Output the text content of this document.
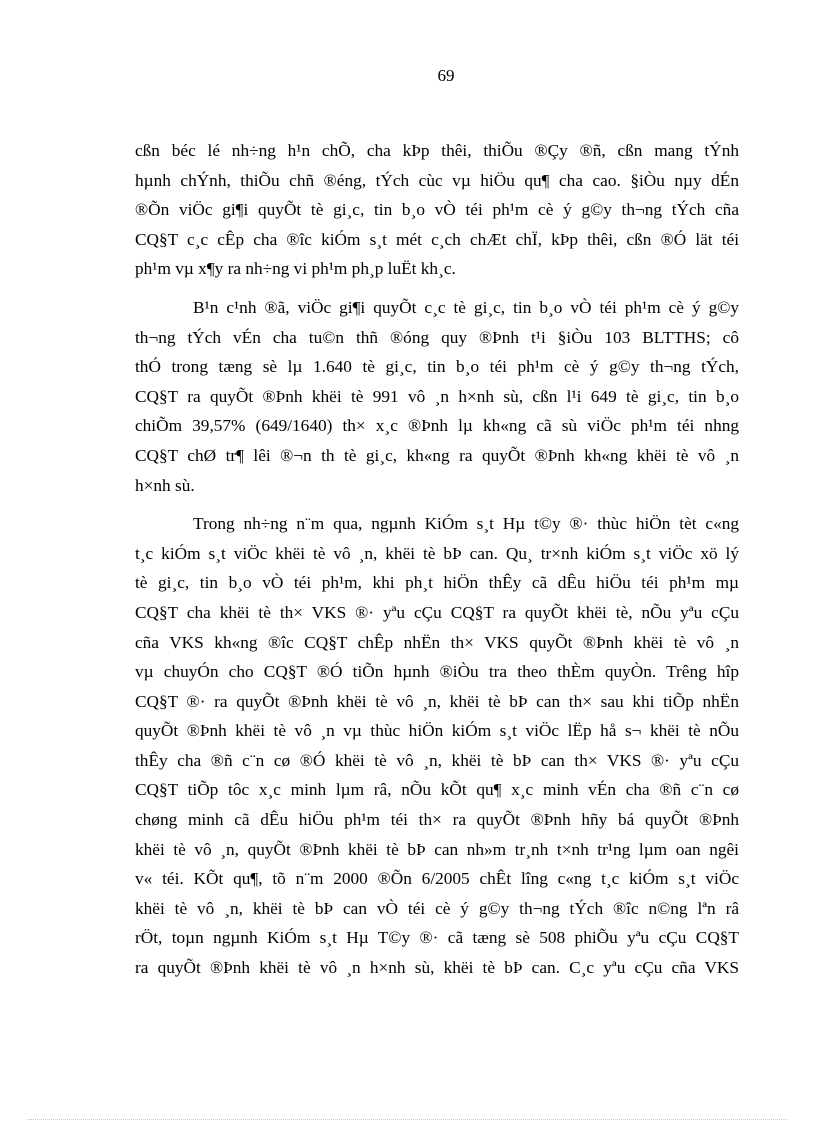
69

cßn béc lé nh÷ng h¹n chÕ, cha kÞp thêi, thiÕu ®Çy ®ñ, cßn mang tÝnh
hµnh chÝnh, thiÕu chñ ®éng, tÝch cùc vµ hiÖu qu¶ cha cao. §iÒu nµy dÉn
®Õn viÖc gi¶i quyÕt tè gi¸c, tin b¸o vÒ téi ph¹m cè ý g©y th¬ng tÝch cña
CQ§T c¸c cÊp cha ®îc kiÓm s¸t mét c¸ch chÆt chÏ, kÞp thêi, cßn ®Ó lät téi
ph¹m vµ x¶y ra nh÷ng vi ph¹m ph¸p luËt kh¸c.

B¹n c¹nh ®ã, viÖc gi¶i quyÕt c¸c tè gi¸c, tin b¸o vÒ téi ph¹m cè ý g©y
th¬ng tÝch vÉn cha tu©n thñ ®óng quy ®Þnh t¹i §iÒu 103 BLTTHS; cô
thÓ trong tæng sè lµ 1.640 tè gi¸c, tin b¸o téi ph¹m cè ý g©y th¬ng tÝch,
CQ§T ra quyÕt ®Þnh khëi tè 991 vô ¸n h×nh sù, cßn l¹i 649 tè gi¸c, tin b¸o
chiÕm 39,57% (649/1640) th× x¸c ®Þnh lµ kh«ng cã sù viÖc ph¹m téi nhng
CQ§T chØ tr¶ lêi ®¬n th tè gi¸c, kh«ng ra quyÕt ®Þnh kh«ng khëi tè vô ¸n
h×nh sù.

Trong nh÷ng n¨m qua, ngµnh KiÓm s¸t Hµ t©y ®· thùc hiÖn tèt c«ng
t¸c kiÓm s¸t viÖc khëi tè vô ¸n, khëi tè bÞ can. Qu¸ tr×nh kiÓm s¸t viÖc xö lý
tè gi¸c, tin b¸o vÒ téi ph¹m, khi ph¸t hiÖn thÊy cã dÊu hiÖu téi ph¹m mµ
CQ§T cha khëi tè th× VKS ®· yªu cÇu CQ§T ra quyÕt khëi tè, nÕu yªu cÇu
cña VKS kh«ng ®îc CQ§T chÊp nhËn th× VKS quyÕt ®Þnh khëi tè vô ¸n
vµ chuyÓn cho CQ§T ®Ó tiÕn hµnh ®iÒu tra theo thÈm quyÒn. Trêng hîp
CQ§T ®· ra quyÕt ®Þnh khëi tè vô ¸n, khëi tè bÞ can th× sau khi tiÕp nhËn
quyÕt ®Þnh khëi tè vô ¸n vµ thùc hiÖn kiÓm s¸t viÖc lËp hå s¬ khëi tè nÕu
thÊy cha ®ñ c¨n cø ®Ó khëi tè vô ¸n, khëi tè bÞ can th× VKS ®· yªu cÇu
CQ§T tiÕp tôc x¸c minh lµm râ, nÕu kÕt qu¶ x¸c minh vÉn cha ®ñ c¨n cø
chøng minh cã dÊu hiÖu ph¹m téi th× ra quyÕt ®Þnh hñy bá quyÕt ®Þnh
khëi tè vô ¸n, quyÕt ®Þnh khëi tè bÞ can nh»m tr¸nh t×nh tr¹ng lµm oan ngêi
v« téi. KÕt qu¶, tõ n¨m 2000 ®Õn 6/2005 chÊt lîng c«ng t¸c kiÓm s¸t viÖc
khëi tè vô ¸n, khëi tè bÞ can vÒ téi cè ý g©y th¬ng tÝch ®îc n©ng lªn râ
rÖt, toµn ngµnh KiÓm s¸t Hµ T©y ®· cã tæng sè 508 phiÕu yªu cÇu CQ§T
ra quyÕt ®Þnh khëi tè vô ¸n h×nh sù, khëi tè bÞ can. C¸c yªu cÇu cña VKS
